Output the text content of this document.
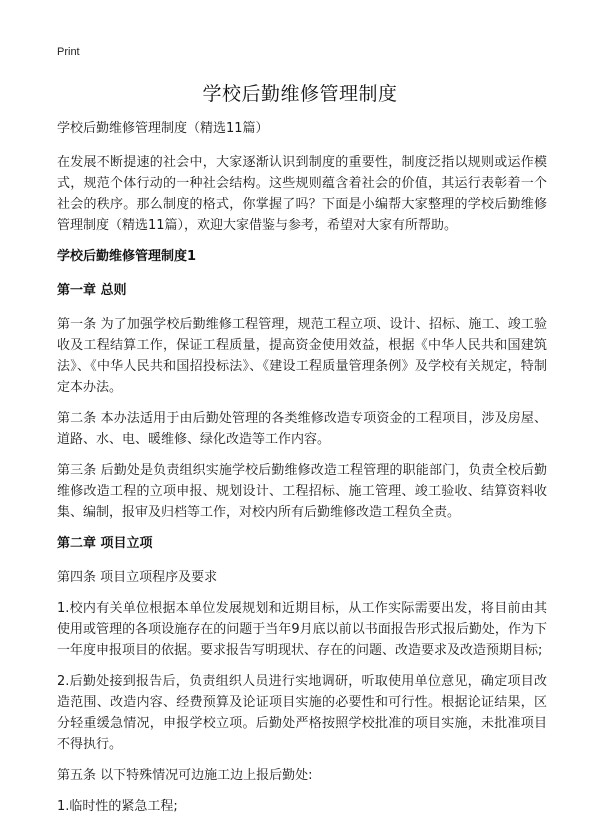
Print
学校后勤维修管理制度
学校后勤维修管理制度（精选11篇）
在发展不断提速的社会中，大家逐渐认识到制度的重要性，制度泛指以规则或运作模式，规范个体行动的一种社会结构。这些规则蕴含着社会的价值，其运行表彰着一个社会的秩序。那么制度的格式，你掌握了吗？下面是小编帮大家整理的学校后勤维修管理制度（精选11篇），欢迎大家借鉴与参考，希望对大家有所帮助。
学校后勤维修管理制度1
第一章 总则
第一条 为了加强学校后勤维修工程管理，规范工程立项、设计、招标、施工、竣工验收及工程结算工作，保证工程质量，提高资金使用效益，根据《中华人民共和国建筑法》、《中华人民共和国招投标法》、《建设工程质量管理条例》及学校有关规定，特制定本办法。
第二条 本办法适用于由后勤处管理的各类维修改造专项资金的工程项目，涉及房屋、道路、水、电、暖维修、绿化改造等工作内容。
第三条 后勤处是负责组织实施学校后勤维修改造工程管理的职能部门，负责全校后勤维修改造工程的立项申报、规划设计、工程招标、施工管理、竣工验收、结算资料收集、编制，报审及归档等工作，对校内所有后勤维修改造工程负全责。
第二章 项目立项
第四条 项目立项程序及要求
1.校内有关单位根据本单位发展规划和近期目标，从工作实际需要出发，将目前由其使用或管理的各项设施存在的问题于当年9月底以前以书面报告形式报后勤处，作为下一年度申报项目的依据。要求报告写明现状、存在的问题、改造要求及改造预期目标;
2.后勤处接到报告后，负责组织人员进行实地调研，听取使用单位意见，确定项目改造范围、改造内容、经费预算及论证项目实施的必要性和可行性。根据论证结果，区分轻重缓急情况，申报学校立项。后勤处严格按照学校批准的项目实施，未批准项目不得执行。
第五条 以下特殊情况可边施工边上报后勤处:
1.临时性的紧急工程;
